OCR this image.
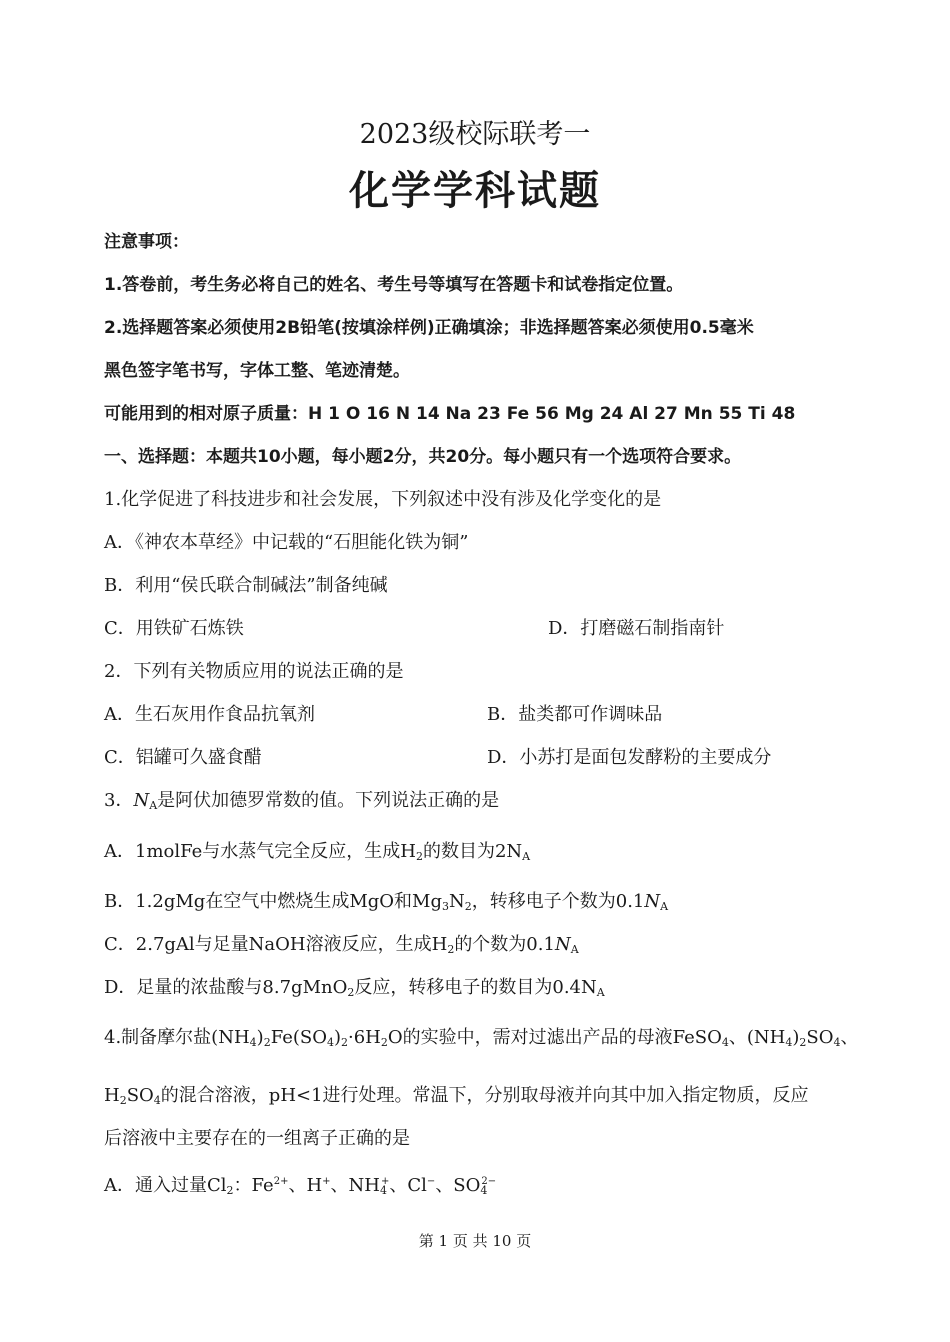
2023级校际联考一
化学学科试题
注意事项：
1.答卷前，考生务必将自己的姓名、考生号等填写在答题卡和试卷指定位置。
2.选择题答案必须使用2B铅笔(按填涂样例)正确填涂；非选择题答案必须使用0.5毫米
黑色签字笔书写，字体工整、笔迹清楚。
可能用到的相对原子质量：H 1 O 16 N 14 Na 23 Fe 56 Mg 24 Al 27 Mn 55 Ti 48
一、选择题：本题共10小题，每小题2分，共20分。每小题只有一个选项符合要求。
1.化学促进了科技进步和社会发展，下列叙述中没有涉及化学变化的是
A．《神农本草经》中记载的“石胆能化铁为铜”
B．利用“侯氏联合制碱法”制备纯碱
C．用铁矿石炼铁	D．打磨磁石制指南针
2．下列有关物质应用的说法正确的是
A．生石灰用作食品抗氧剂	B．盐类都可作调味品
C．铝罐可久盛食醋	D．小苏打是面包发酵粉的主要成分
3．$N_A$是阿伏加德罗常数的值。下列说法正确的是
A．1molFe与水蒸气完全反应，生成$H_2$的数目为$2N_A$
B．1.2gMg在空气中燃烧生成MgO和$Mg_3N_2$，转移电子个数为$0.1N_A$
C．2.7gAl与足量NaOH溶液反应，生成$H_2$的个数为$0.1N_A$
D．足量的浓盐酸与8.7gMnO$_2$反应，转移电子的数目为$0.4N_A$
4.制备摩尔盐$(NH_4)_2Fe(SO_4)_2\cdot 6H_2O$的实验中，需对过滤出产品的母液FeSO$_4$、$(NH_4)_2SO_4$、
$H_2SO_4$的混合溶液，pH<1进行处理。常温下，分别取母液并向其中加入指定物质，反应
后溶液中主要存在的一组离子正确的是
A．通入过量$Cl_2$：$Fe^{2+}$、H+、$NH_4^+$、Cl−、$SO_4^{2-}$
第 1 页 共 10 页
